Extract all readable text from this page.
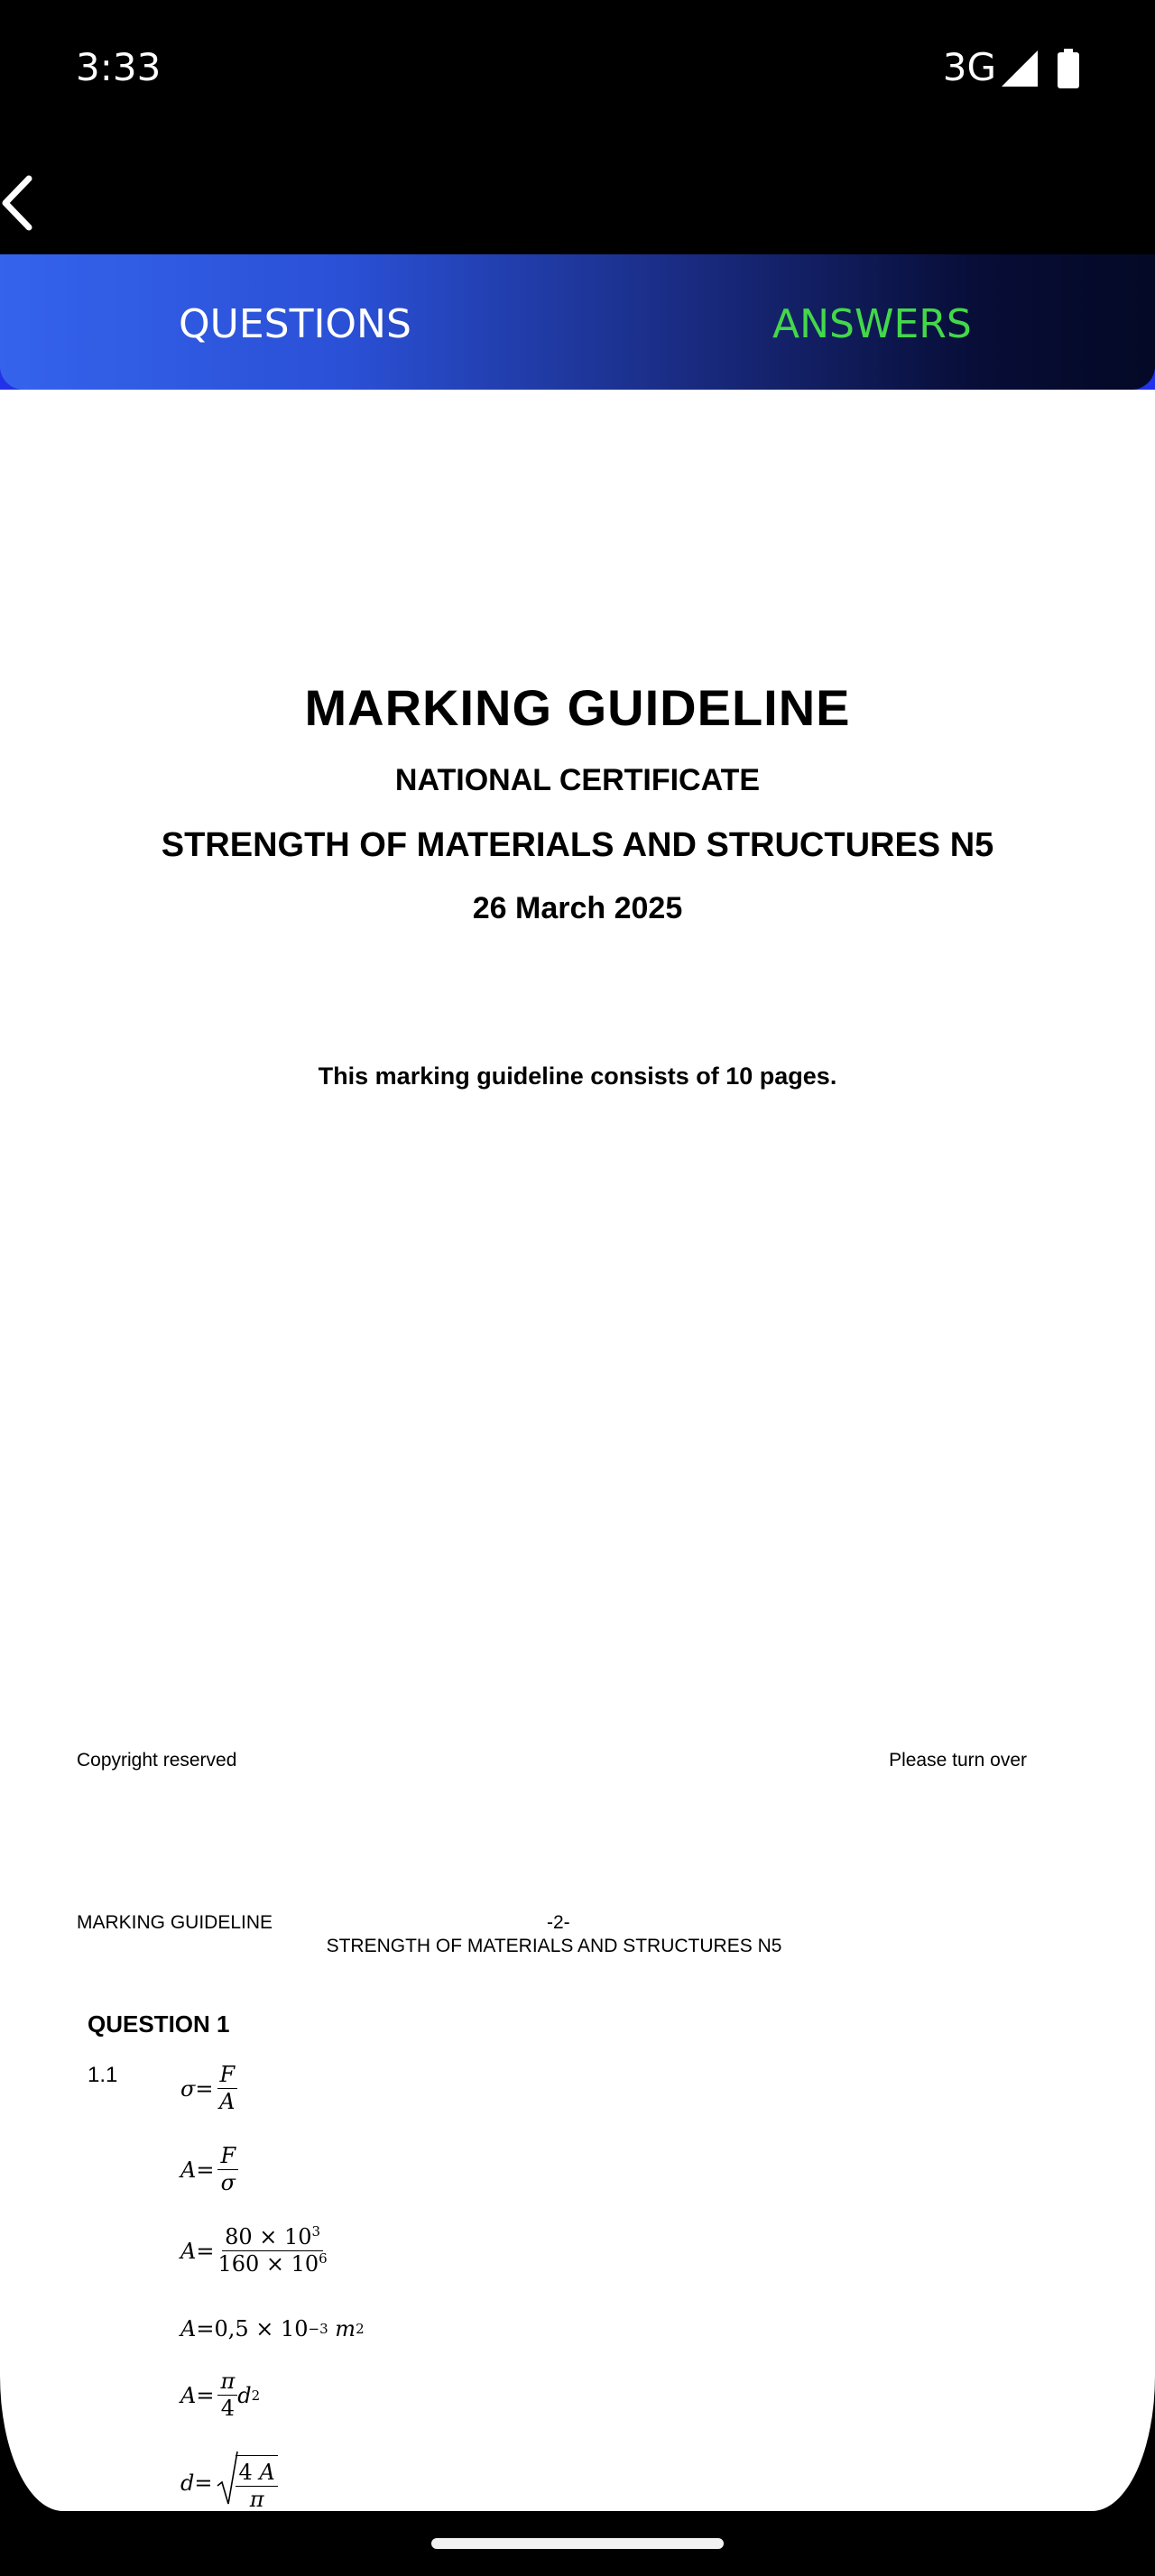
3:33	3G
QUESTIONS	ANSWERS
MARKING GUIDELINE
NATIONAL CERTIFICATE
STRENGTH OF MATERIALS AND STRUCTURES N5
26 March 2025
This marking guideline consists of 10 pages.
Copyright reserved	Please turn over
MARKING GUIDELINE	-2-
STRENGTH OF MATERIALS AND STRUCTURES N5
QUESTION 1
1.1
$\sigma = \frac{F}{A}$
$A = \frac{F}{\sigma}$
$A = \frac{80 \times 10^3}{160 \times 10^6}$
A =0,5 × 10 −3
m 2
$A = \frac{\pi}{4}$ d 2
$d = \frac{4 A}{\pi}$
